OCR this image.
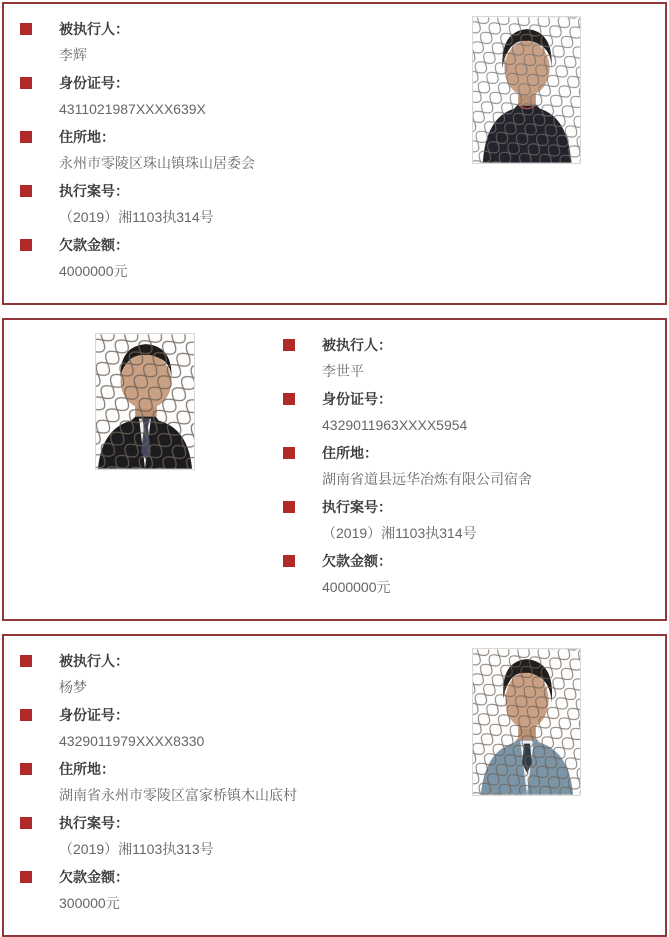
被执行人：
李辉
身份证号：
4311021987XXXX639X
住所地：
永州市零陵区珠山镇珠山居委会
执行案号：
（2019）湘1103执314号
欠款金额：
4000000元
被执行人：
李世平
身份证号：
4329011963XXXX5954
住所地：
湖南省道县远华冶炼有限公司宿舍
执行案号：
（2019）湘1103执314号
欠款金额：
4000000元
被执行人：
杨梦
身份证号：
4329011979XXXX8330
住所地：
湖南省永州市零陵区富家桥镇木山底村
执行案号：
（2019）湘1103执313号
欠款金额：
300000元
